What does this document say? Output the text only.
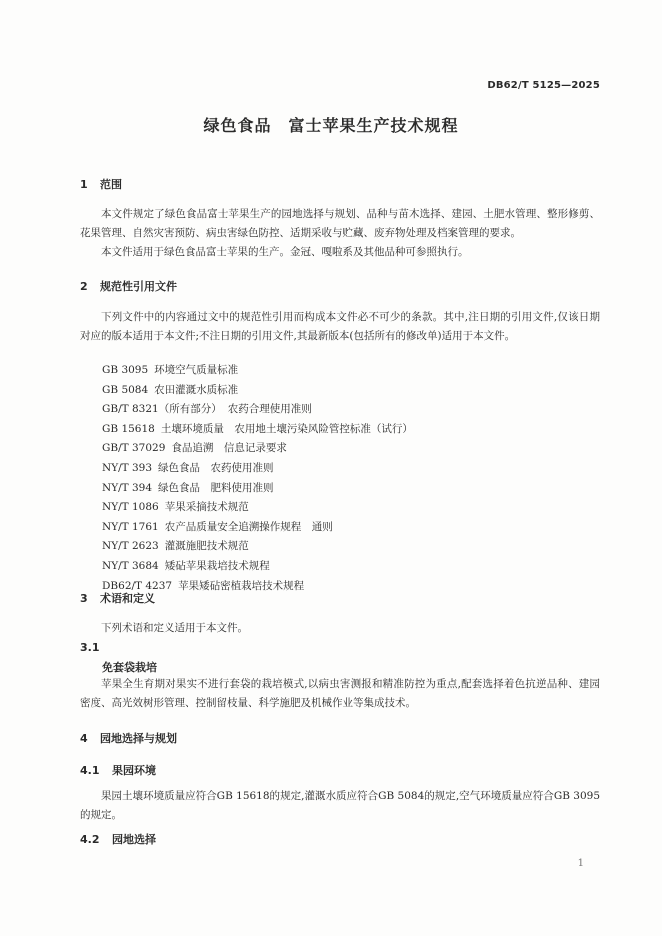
DB62/T 5125—2025
绿色食品　富士苹果生产技术规程
1 范围
本文件规定了绿色食品富士苹果生产的园地选择与规划、品种与苗木选择、建园、土肥水管理、整形修剪、花果管理、自然灾害预防、病虫害绿色防控、适期采收与贮藏、废弃物处理及档案管理的要求。
本文件适用于绿色食品富士苹果的生产。金冠、嘎啦系及其他品种可参照执行。
2 规范性引用文件
下列文件中的内容通过文中的规范性引用而构成本文件必不可少的条款。其中,注日期的引用文件,仅该日期对应的版本适用于本文件;不注日期的引用文件,其最新版本(包括所有的修改单)适用于本文件。
GB 3095 环境空气质量标准
GB 5084 农田灌溉水质标准
GB/T 8321（所有部分） 农药合理使用准则
GB 15618 土壤环境质量　农用地土壤污染风险管控标准（试行）
GB/T 37029 食品追溯　信息记录要求
NY/T 393 绿色食品　农药使用准则
NY/T 394 绿色食品　肥料使用准则
NY/T 1086 苹果采摘技术规范
NY/T 1761 农产品质量安全追溯操作规程　通则
NY/T 2623 灌溉施肥技术规范
NY/T 3684 矮砧苹果栽培技术规程
DB62/T 4237 苹果矮砧密植栽培技术规程
3 术语和定义
下列术语和定义适用于本文件。
3.1
免套袋栽培
苹果全生育期对果实不进行套袋的栽培模式,以病虫害测报和精准防控为重点,配套选择着色抗逆品种、建园密度、高光效树形管理、控制留枝量、科学施肥及机械作业等集成技术。
4 园地选择与规划
4.1 果园环境
果园土壤环境质量应符合GB 15618的规定,灌溉水质应符合GB 5084的规定,空气环境质量应符合GB 3095的规定。
4.2 园地选择
1
